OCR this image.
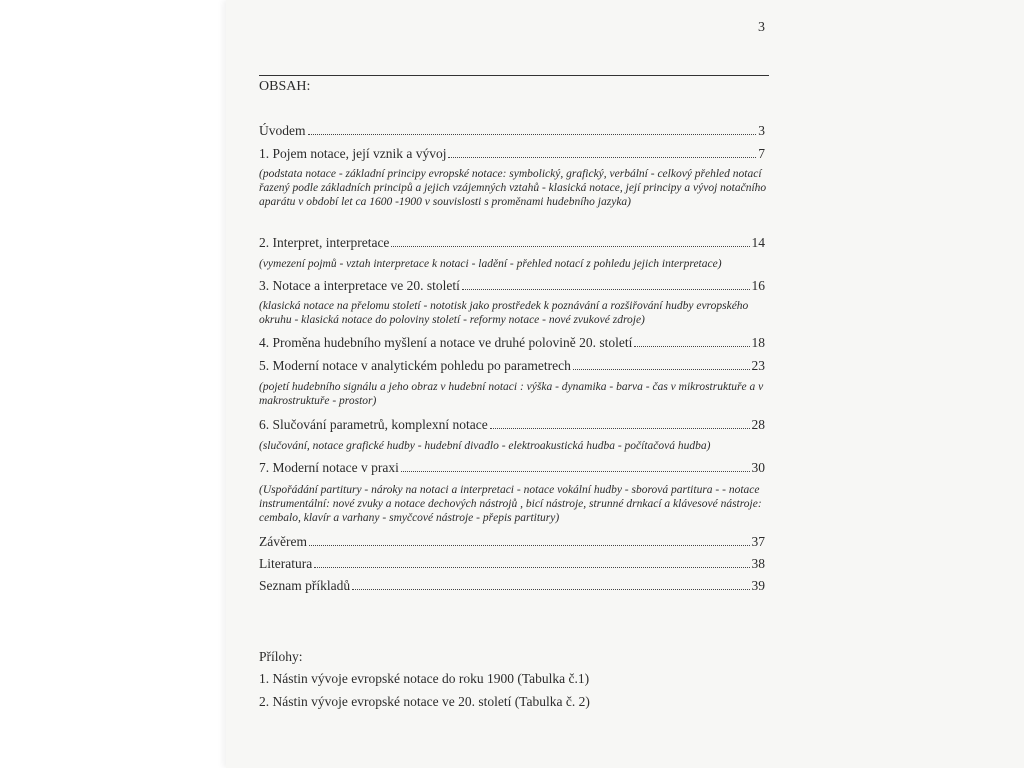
3
OBSAH:
Úvodem	3
1. Pojem notace, její vznik a vývoj	7
(podstata notace - základní principy evropské notace: symbolický, grafický, verbální - celkový přehled notací řazený podle základních principů a jejich vzájemných vztahů - klasická notace, její principy a vývoj notačního aparátu v období let ca 1600 -1900 v souvislosti s proměnami hudebního jazyka)
2. Interpret, interpretace	14
(vymezení pojmů - vztah interpretace k notaci - ladění - přehled notací z pohledu jejich interpretace)
3. Notace a interpretace ve 20. století	16
(klasická notace na přelomu století - nototisk jako prostředek k poznávání a rozšiřování hudby evropského okruhu - klasická notace do poloviny století - reformy notace - nové zvukové zdroje)
4. Proměna hudebního myšlení a notace ve druhé polovině 20. století	18
5. Moderní notace v analytickém pohledu po parametrech	23
(pojetí hudebního signálu a jeho obraz v hudební notaci : výška - dynamika - barva - čas v mikrostruktuře a v makrostruktuře - prostor)
6. Slučování parametrů, komplexní notace	28
(slučování, notace grafické hudby - hudební divadlo - elektroakustická hudba - počítačová hudba)
7. Moderní notace v praxi	30
(Uspořádání partitury - nároky na notaci a interpretaci - notace vokální hudby - sborová partitura - - notace instrumentální: nové zvuky a notace dechových nástrojů , bicí nástroje, strunné drnkací a klávesové nástroje: cembalo, klavír a varhany - smyčcové nástroje - přepis partitury)
Závěrem	37
Literatura	38
Seznam příkladů	39
Přílohy:
1. Nástin vývoje evropské notace do roku 1900 (Tabulka č.1)
2. Nástin vývoje evropské notace ve 20. století (Tabulka č. 2)
